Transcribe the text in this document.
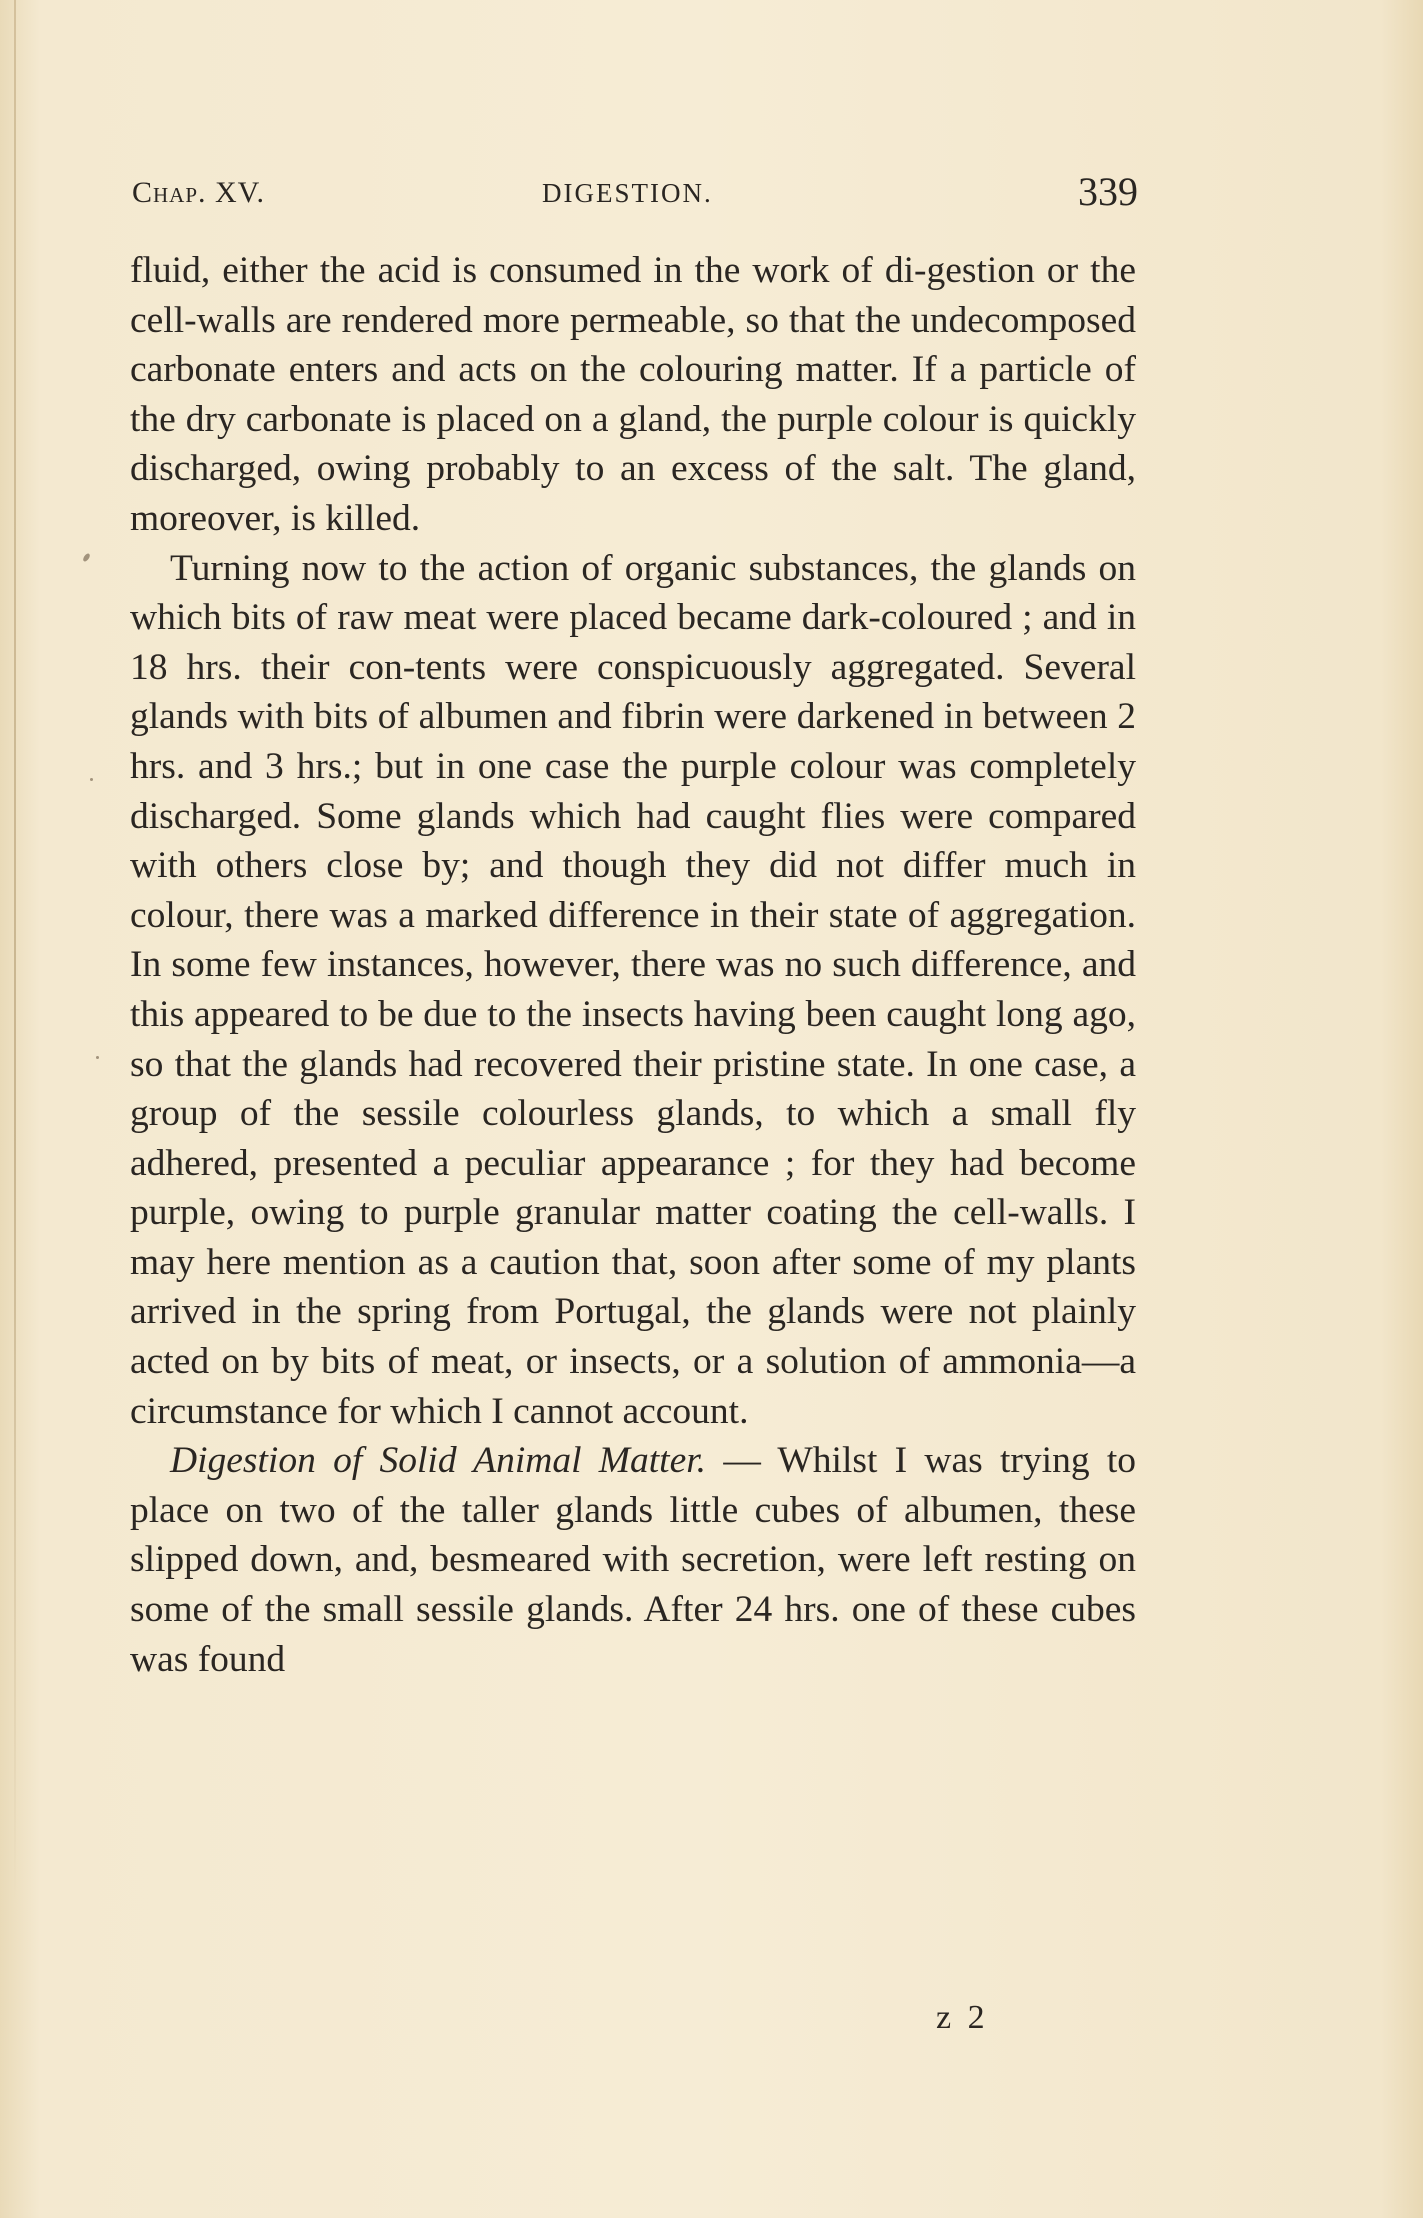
Chap. XV.	DIGESTION.	339

fluid, either the acid is consumed in the work of di-gestion or the cell-walls are rendered more permeable, so that the undecomposed carbonate enters and acts on the colouring matter. If a particle of the dry carbonate is placed on a gland, the purple colour is quickly discharged, owing probably to an excess of the salt. The gland, moreover, is killed.

Turning now to the action of organic substances, the glands on which bits of raw meat were placed became dark-coloured ; and in 18 hrs. their con-tents were conspicuously aggregated. Several glands with bits of albumen and fibrin were darkened in between 2 hrs. and 3 hrs.; but in one case the purple colour was completely discharged. Some glands which had caught flies were compared with others close by; and though they did not differ much in colour, there was a marked difference in their state of aggregation. In some few instances, however, there was no such difference, and this appeared to be due to the insects having been caught long ago, so that the glands had recovered their pristine state. In one case, a group of the sessile colourless glands, to which a small fly adhered, presented a peculiar appearance ; for they had become purple, owing to purple granular matter coating the cell-walls. I may here mention as a caution that, soon after some of my plants arrived in the spring from Portugal, the glands were not plainly acted on by bits of meat, or insects, or a solution of ammonia—a circumstance for which I cannot account.

Digestion of Solid Animal Matter. — Whilst I was trying to place on two of the taller glands little cubes of albumen, these slipped down, and, besmeared with secretion, were left resting on some of the small sessile glands. After 24 hrs. one of these cubes was found

z 2
